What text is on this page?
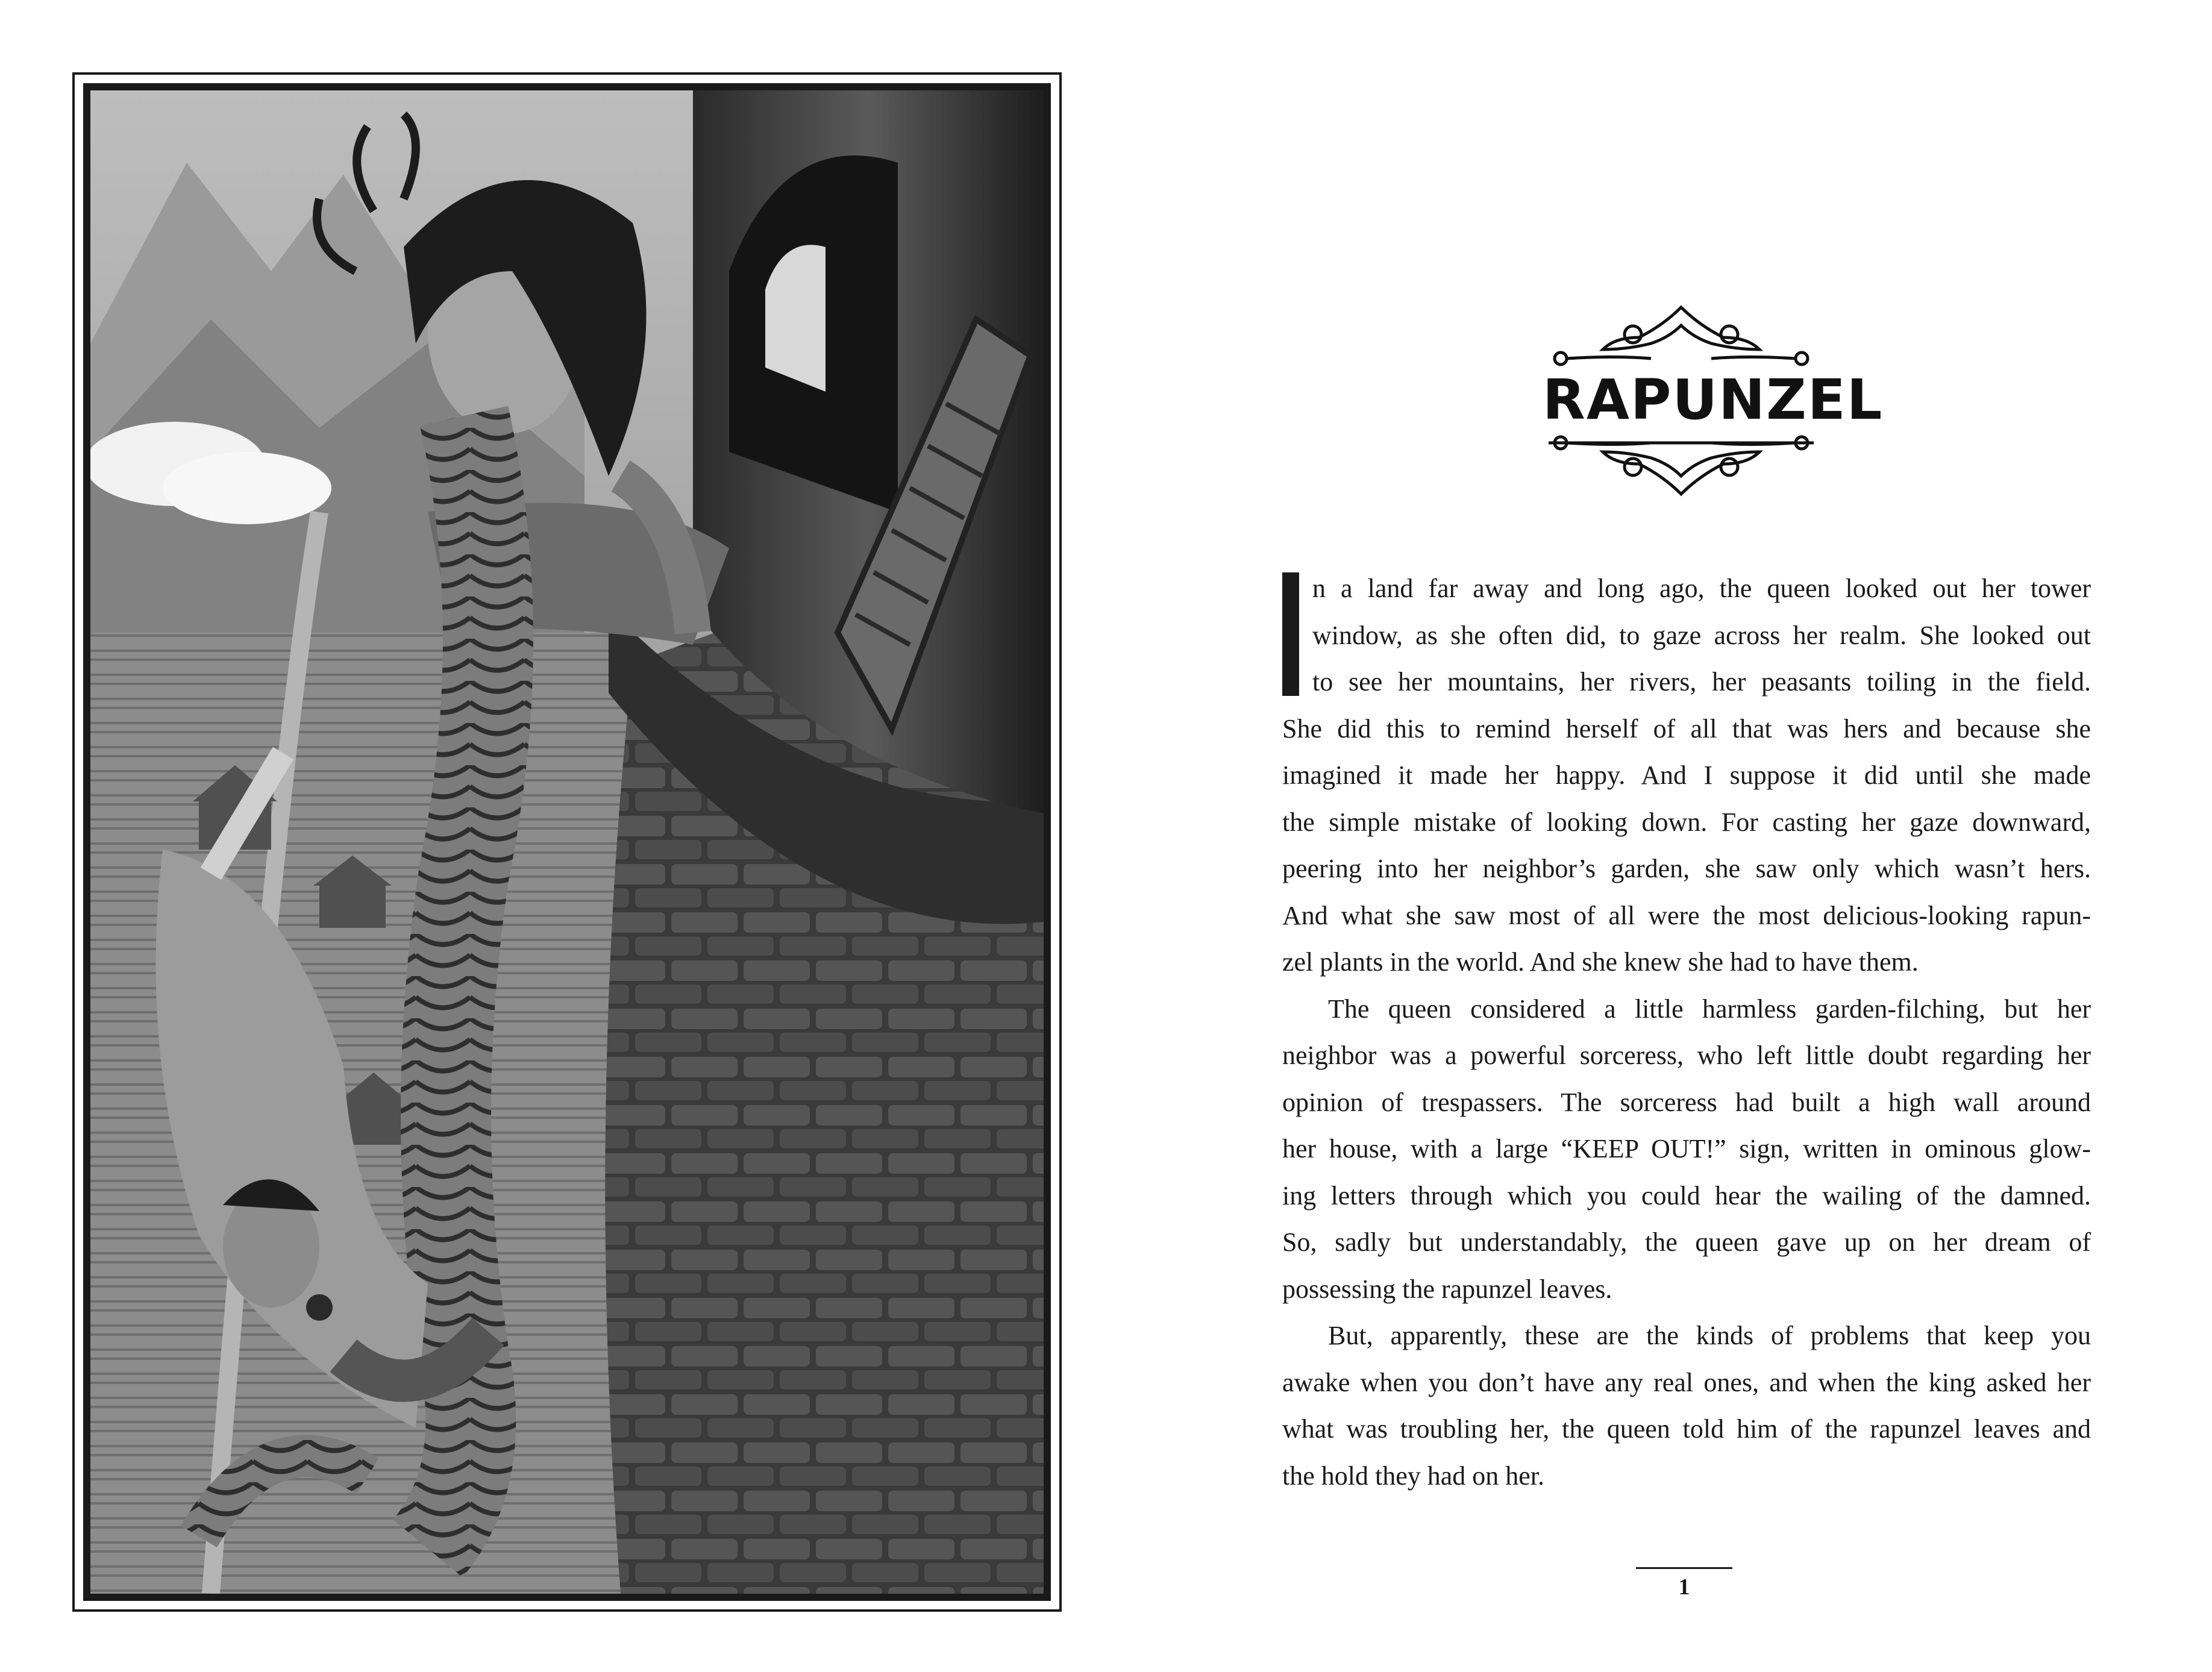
RAPUNZEL
n a land far away and long ago, the queen looked out her tower
window, as she often did, to gaze across her realm. She looked out
to see her mountains, her rivers, her peasants toiling in the field.
She did this to remind herself of all that was hers and because she
imagined it made her happy. And I suppose it did until she made
the simple mistake of looking down. For casting her gaze downward,
peering into her neighbor’s garden, she saw only which wasn’t hers.
And what she saw most of all were the most delicious-looking rapun-
zel plants in the world. And she knew she had to have them.
The queen considered a little harmless garden-filching, but her
neighbor was a powerful sorceress, who left little doubt regarding her
opinion of trespassers. The sorceress had built a high wall around
her house, with a large “KEEP OUT!” sign, written in ominous glow-
ing letters through which you could hear the wailing of the damned.
So, sadly but understandably, the queen gave up on her dream of
possessing the rapunzel leaves.
But, apparently, these are the kinds of problems that keep you
awake when you don’t have any real ones, and when the king asked her
what was troubling her, the queen told him of the rapunzel leaves and
the hold they had on her.
1
